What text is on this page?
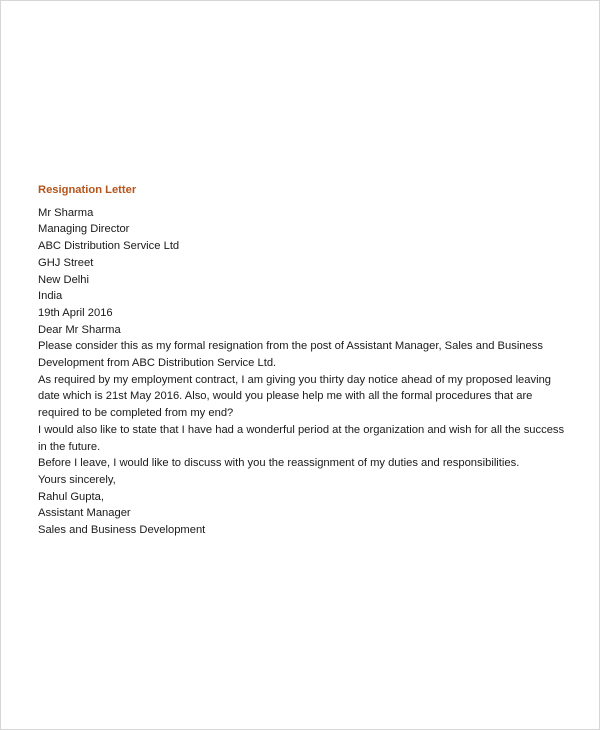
Resignation Letter
Mr Sharma
Managing Director
ABC Distribution Service Ltd
GHJ Street
New Delhi
India
19th April 2016
Dear Mr Sharma

Please consider this as my formal resignation from the post of Assistant Manager, Sales and Business Development from ABC Distribution Service Ltd.

As required by my employment contract, I am giving you thirty day notice ahead of my proposed leaving date which is 21st May 2016. Also, would you please help me with all the formal procedures that are required to be completed from my end?

I would also like to state that I have had a wonderful period at the organization and wish for all the success in the future.

Before I leave, I would like to discuss with you the reassignment of my duties and responsibilities.

Yours sincerely,
Rahul Gupta,
Assistant Manager
Sales and Business Development
